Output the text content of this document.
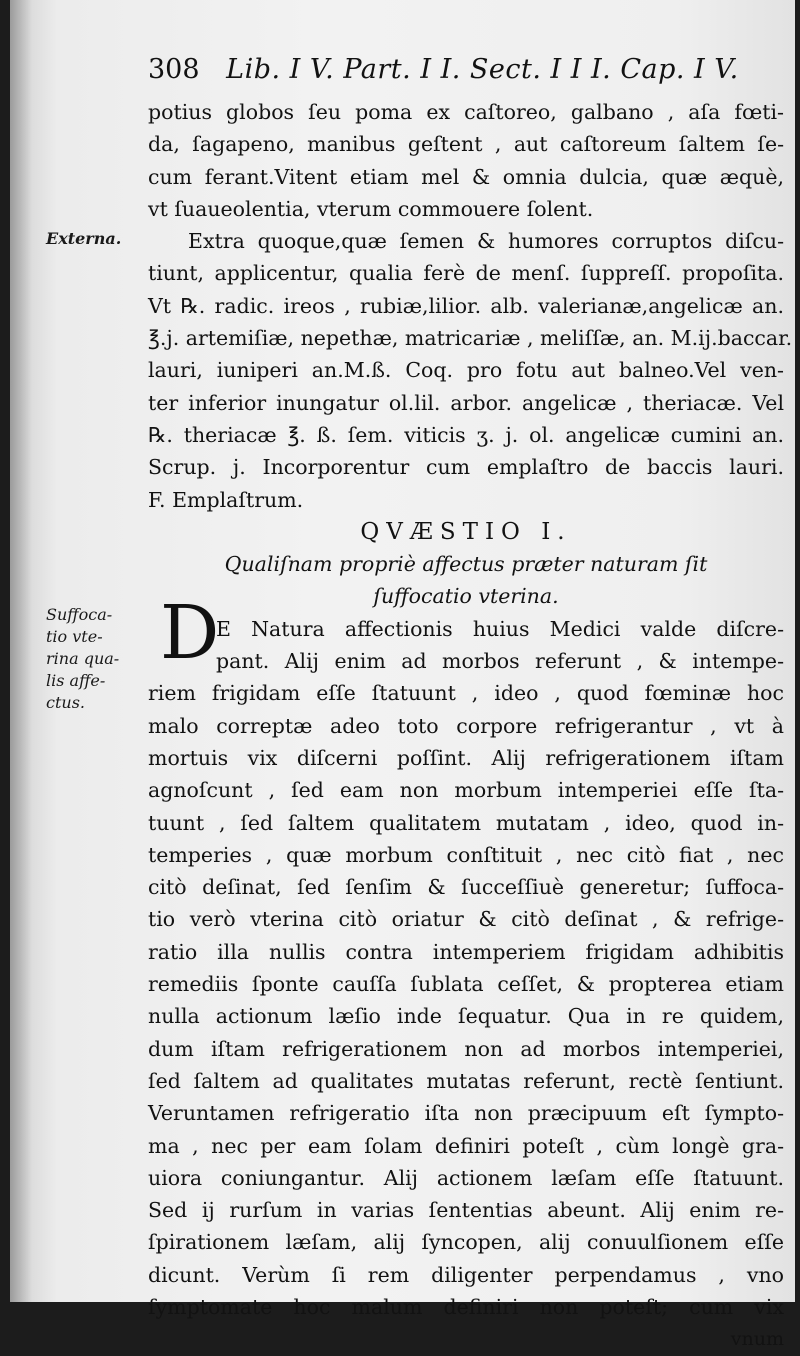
308 Lib. I V. Part. I I. Sect. I I I. Cap. I V.
Externa.
Suffoca-
tio vte-
rina qua-
lis affe-
ctus.
D
potius globos ſeu poma ex caſtoreo, galbano , aſa fœti-
da, ſagapeno, manibus geſtent , aut caſtoreum ſaltem ſe-
cum ferant.Vitent etiam mel & omnia dulcia, quæ æquè,
vt ſuaueolentia, vterum commouere ſolent.
Extra quoque,quæ ſemen & humores corruptos diſcu-
tiunt, applicentur, qualia ferè de menſ. ſuppreſſ. propoſita.
Vt ℞. radic. ireos , rubiæ,lilior. alb. valerianæ,angelicæ an.
℥.j. artemiſiæ, nepethæ, matricariæ , meliſſæ, an. M.ij.baccar.
lauri, iuniperi an.M.ß. Coq. pro fotu aut balneo.Vel ven-
ter inferior inungatur ol.lil. arbor. angelicæ , theriacæ. Vel
℞. theriacæ ℥. ß. ſem. viticis ʒ. j. ol. angelicæ cumini an.
Scrup. j. Incorporentur cum emplaſtro de baccis lauri.
F. Emplaſtrum.
QVÆSTIO I.
Qualiſnam propriè affectus præter naturam ſit
ſuffocatio vterina.
E Natura affectionis huius Medici valde diſcre-
pant. Alij enim ad morbos referunt , & intempe-
riem frigidam eſſe ſtatuunt , ideo , quod fœminæ hoc
malo correptæ adeo toto corpore refrigerantur , vt à
mortuis vix diſcerni poſſint. Alij refrigerationem iſtam
agnoſcunt , ſed eam non morbum intemperiei eſſe ſta-
tuunt , ſed ſaltem qualitatem mutatam , ideo, quod in-
temperies , quæ morbum conſtituit , nec citò fiat , nec
citò deſinat, ſed ſenſim & ſucceſſiuè generetur; ſuffoca-
tio verò vterina citò oriatur & citò deſinat , & refrige-
ratio illa nullis contra intemperiem frigidam adhibitis
remediis ſponte cauſſa ſublata ceſſet, & propterea etiam
nulla actionum læſio inde ſequatur. Qua in re quidem,
dum iſtam refrigerationem non ad morbos intemperiei,
ſed ſaltem ad qualitates mutatas referunt, rectè ſentiunt.
Veruntamen refrigeratio iſta non præcipuum eſt ſympto-
ma , nec per eam ſolam definiri poteſt , cùm longè gra-
uiora coniungantur. Alij actionem læſam eſſe ſtatuunt.
Sed ij rurſum in varias ſententias abeunt. Alij enim re-
ſpirationem læſam, alij ſyncopen, alij conuulſionem eſſe
dicunt. Verùm ſi rem diligenter perpendamus , vno
ſymptomate hoc malum definiri non poteſt; cum vix
vnum
